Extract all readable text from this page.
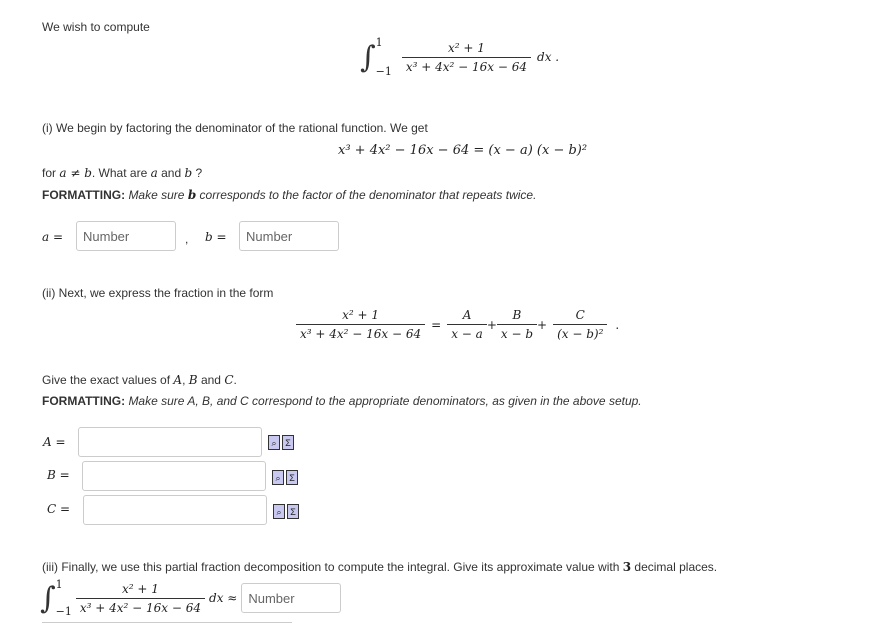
We wish to compute
∫ 1
$-1 \frac{\text{x² + 1}}{\text{x³ + 4x² − 16x − 64}}$ dx .
(i) We begin by factoring the denominator of the rational function. We get
x³ + 4x² − 16x − 64 = (x − a) (x − b)²
for a ≠ b. What are a and b ?
FORMATTING: Make sure b corresponds to the factor of the denominator that repeats twice.
a =
Number	, b =
Number
(ii) Next, we express the fraction in the form
$\frac{\text{x² + 1}}{\text{x³ + 4x² − 16x − 64}} = \frac{A}{x - a} + \frac{B}{x - b} + \frac{C}{\text{(x − b)²}}$ .
Give the exact values of A, B and C.
FORMATTING: Make sure A, B, and C correspond to the appropriate denominators, as given in the above setup.
A =	⌕ Σ
B =	⌕ Σ
C =	⌕ Σ
(iii) Finally, we use this partial fraction decomposition to compute the integral. Give its approximate value with 3 decimal places.
∫ 1
$-1 \frac{\text{x² + 1}}{\text{x³ + 4x² − 16x − 64}}$ dx ≈
Number
